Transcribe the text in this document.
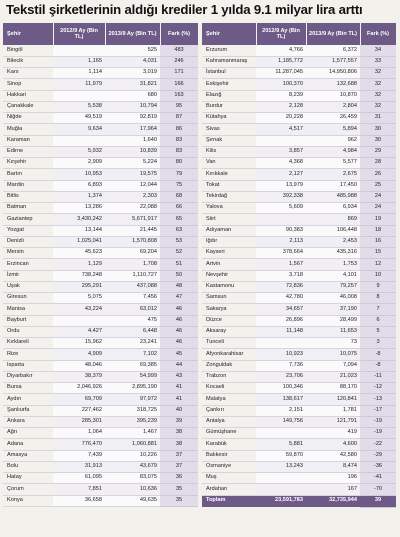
Tekstil şirketlerinin aldığı krediler 1 yılda 9.1 milyar lira arttı
Şehir	2012/9 Ay (Bin TL)	2013/9 Ay (Bin TL)	Fark (%)
Bingöl		525	483
Bilecik	1,165	4,031	246
Kars	1,114	3,019	171
Sinop	11,979	31,821	166
Hakkari		680	163
Çanakkale	5,538	10,794	95
Niğde	49,519	92,819	87
Muğla	9,634	17,964	86
Karaman		1,640	83
Edirne	5,932	10,839	83
Kırşehir	2,909	5,224	80
Bartın	10,953	19,575	79
Mardin	6,893	12,044	75
Bitlis	1,374	2,303	68
Batman	13,286	22,088	66
Gaziantep	3,430,242	5,671,917	65
Yozgat	13,144	21,445	63
Denizli	1,025,041	1,570,808	53
Mersin	45,623	69,204	52
Erzincan	1,129	1,708	51
İzmir	738,248	1,110,727	50
Uşak	295,291	437,088	48
Giresun	5,075	7,456	47
Manisa	43,224	63,012	46
Bayburt		475	46
Ordu	4,427	6,448	46
Kırklareli	15,962	23,241	46
Rize	4,909	7,102	45
Isparta	48,046	69,385	44
Diyarbakır	38,379	54,999	43
Bursa	2,046,926	2,895,190	41
Aydın	69,709	97,972	41
Şanlıurfa	227,462	318,725	40
Ankara	285,301	395,239	39
Ağrı	1,064	1,467	38
Adana	776,470	1,060,881	38
Amasya	7,439	10,226	37
Bolu	31,913	43,679	37
Hatay	61,095	83,075	36
Çorum	7,851	10,636	35
Konya	36,658	49,635	35
Şehir	2012/9 Ay (Bin TL)	2013/9 Ay (Bin TL)	Fark (%)
Erzurum	4,766	6,372	34
Kahramanmaraş	1,185,772	1,577,557	33
İstanbul	11,287,045	14,950,806	32
Eskişehir	100,370	132,688	32
Elazığ	8,239	10,870	32
Burdur	2,128	2,804	32
Kütahya	20,228	26,459	31
Sivas	4,517	5,894	30
Şırnak		962	30
Kilis	3,857	4,984	29
Van	4,368	5,577	28
Kırıkkale	2,127	2,675	26
Tokat	13,979	17,450	25
Tekirdağ	392,338	485,988	24
Yalova	5,609	6,934	24
Siirt		869	19
Adıyaman	90,383	106,448	18
Iğdır	2,113	2,453	16
Kayseri	378,664	435,316	15
Artvin	1,567	1,753	12
Nevşehir	3,718	4,101	10
Kastamonu	72,836	79,257	9
Samsun	42,780	46,008	8
Sakarya	34,657	37,190	7
Düzce	26,896	28,499	6
Aksaray	11,148	11,653	5
Tunceli		73	3
Afyonkarahisar	10,923	10,075	-8
Zonguldak	7,736	7,094	-8
Trabzon	23,706	21,023	-11
Kocaeli	100,346	88,170	-12
Malatya	138,617	120,841	-13
Çankırı	2,151	1,781	-17
Antalya	149,756	121,791	-19
Gümüşhane		419	-19
Karabük	5,881	4,600	-22
Balıkesir	59,870	42,580	-29
Osmaniye	13,243	8,474	-36
Muş		196	-41
Ardahan		167	-70
Toplam	23,591,783	32,735,944	39
